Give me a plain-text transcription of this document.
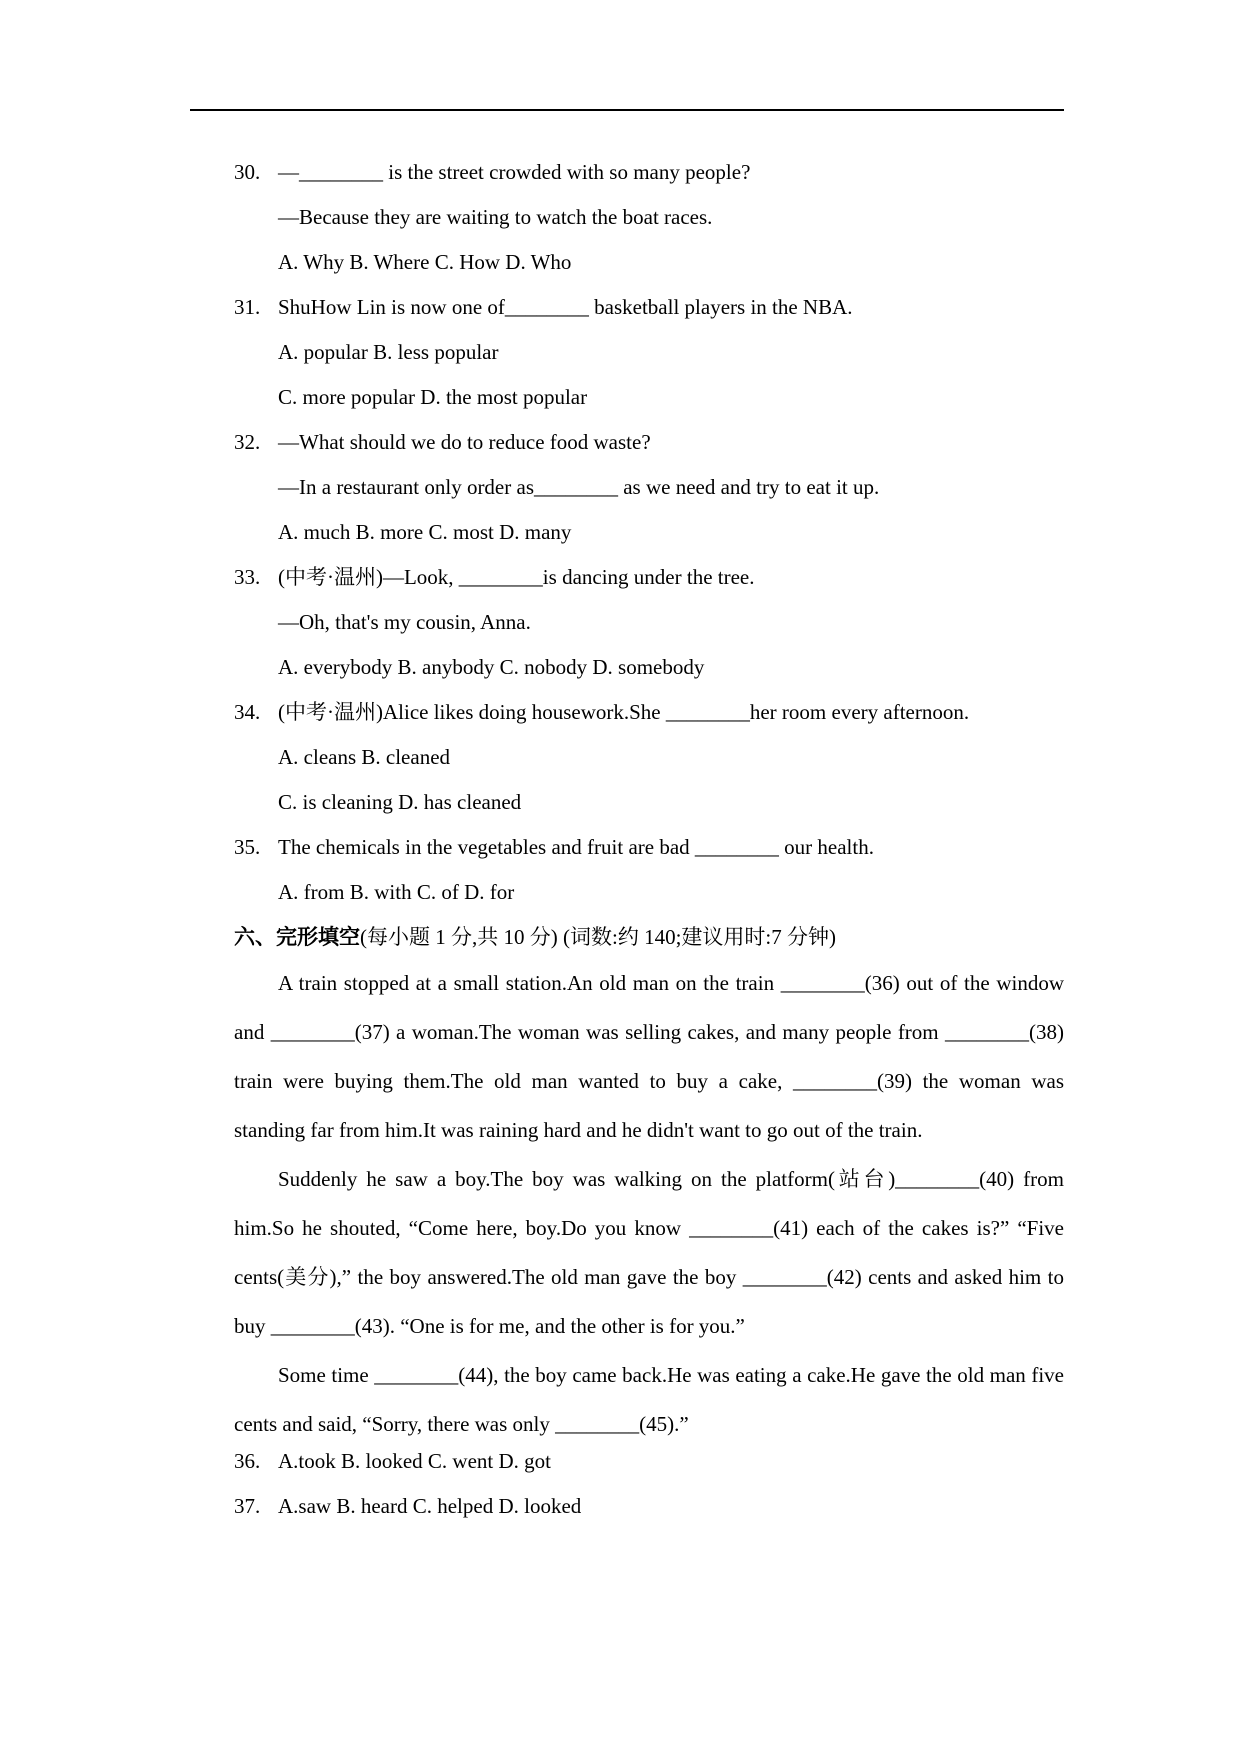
30. —________ is the street crowded with so many people?
—Because they are waiting to watch the boat races.
A. Why B. Where C. How D. Who
31. ShuHow Lin is now one of________ basketball players in the NBA.
A. popular B. less popular
C. more popular D. the most popular
32. —What should we do to reduce food waste?
—In a restaurant only order as________ as we need and try to eat it up.
A. much B. more C. most D. many
33. (中考·温州)—Look, ________is dancing under the tree.
—Oh, that's my cousin, Anna.
A. everybody B. anybody C. nobody D. somebody
34. (中考·温州)Alice likes doing housework.She ________her room every afternoon.
A. cleans B. cleaned
C. is cleaning D. has cleaned
35. The chemicals in the vegetables and fruit are bad ________ our health.
A. from B. with C. of D. for
六、完形填空(每小题 1 分,共 10 分) (词数:约 140;建议用时:7 分钟)

A train stopped at a small station.An old man on the train ________(36) out of the window and ________(37) a woman.The woman was selling cakes, and many people from ________(38) train were buying them.The old man wanted to buy a cake, ________(39) the woman was standing far from him.It was raining hard and he didn't want to go out of the train.

Suddenly he saw a boy.The boy was walking on the platform(站台)________(40) from him.So he shouted, “Come here, boy.Do you know ________(41) each of the cakes is?” “Five cents(美分),” the boy answered.The old man gave the boy ________(42) cents and asked him to buy ________(43). “One is for me, and the other is for you.”

Some time ________(44), the boy came back.He was eating a cake.He gave the old man five cents and said, “Sorry, there was only ________(45).”

36. A.took B. looked C. went D. got
37. A.saw B. heard C. helped D. looked
